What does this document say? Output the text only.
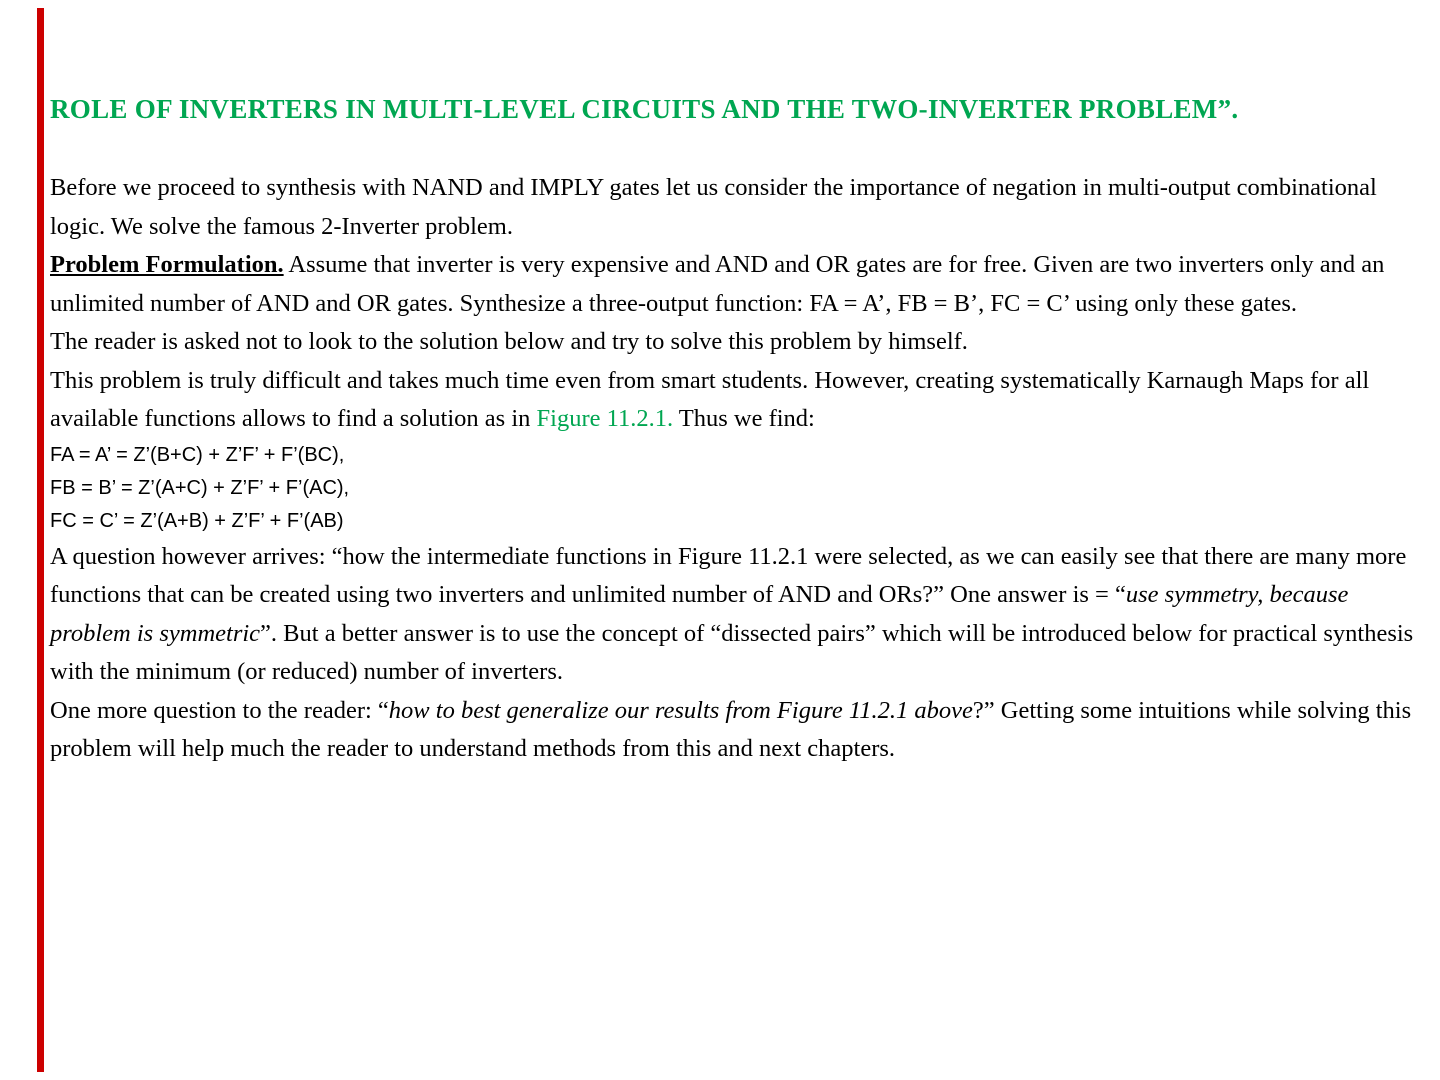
ROLE OF INVERTERS IN MULTI-LEVEL CIRCUITS AND THE TWO-INVERTER PROBLEM”.

Before we proceed to synthesis with NAND and IMPLY gates let us consider the importance of negation in multi-output combinational logic. We solve the famous 2-Inverter problem.

Problem Formulation. Assume that inverter is very expensive and AND and OR gates are for free. Given are two inverters only and an unlimited number of AND and OR gates. Synthesize a three-output function: FA = A’, FB = B’, FC = C’ using only these gates.

The reader is asked not to look to the solution below and try to solve this problem by himself.

This problem is truly difficult and takes much time even from smart students. However, creating systematically Karnaugh Maps for all available functions allows to find a solution as in Figure 11.2.1. Thus we find:

FA = A’ = Z’(B+C) + Z’F’ + F’(BC),

FB = B’ = Z’(A+C) + Z’F’ + F’(AC),

FC = C’ = Z’(A+B) + Z’F’ + F’(AB)

A question however arrives: “how the intermediate functions in Figure 11.2.1 were selected, as we can easily see that there are many more functions that can be created using two inverters and unlimited number of AND and ORs?” One answer is = “use symmetry, because problem is symmetric”. But a better answer is to use the concept of “dissected pairs” which will be introduced below for practical synthesis with the minimum (or reduced) number of inverters.

One more question to the reader: “how to best generalize our results from Figure 11.2.1 above?” Getting some intuitions while solving this problem will help much the reader to understand methods from this and next chapters.
